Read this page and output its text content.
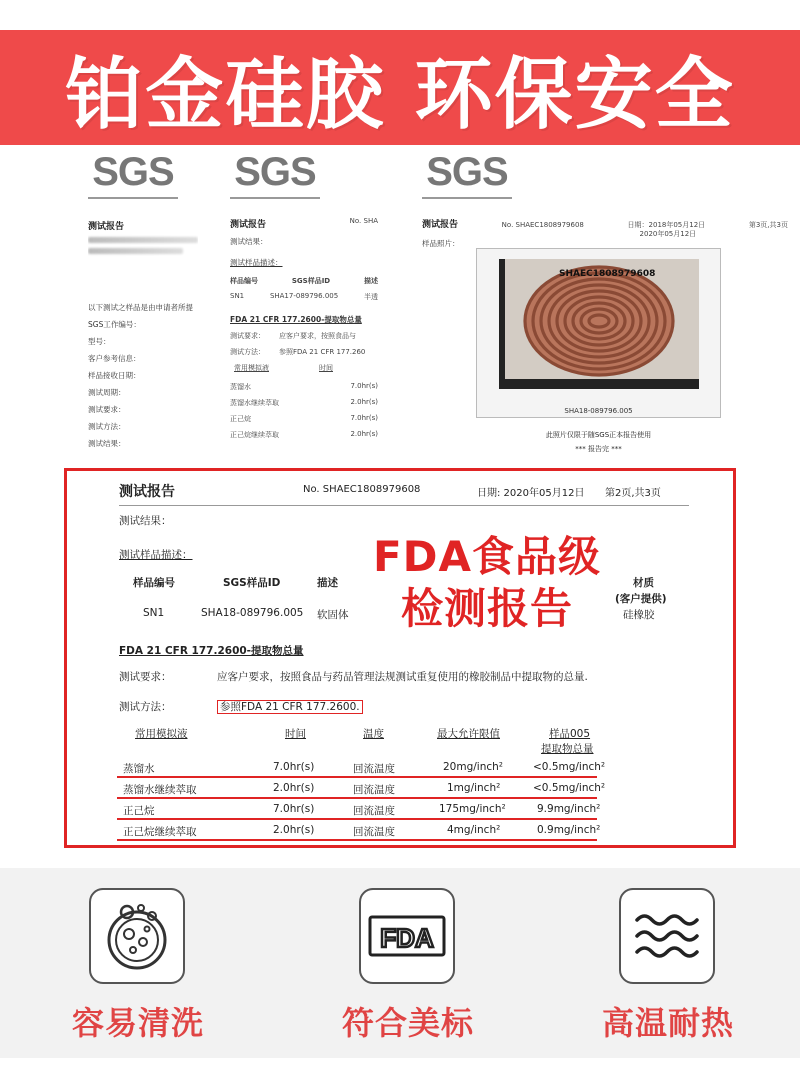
铂金硅胶 环保安全
SGS
测试报告
以下测试之样品是由申请者所提
SGS工作编号：
型号：
客户参考信息：
样品接收日期：
测试周期：
测试要求：
测试方法：
测试结果：
SGS
测试报告	No. SHA
测试结果：
测试样品描述：
样品编号	SGS样品ID	描述
SN1	SHA17-089796.005	半透
FDA 21 CFR 177.2600-提取物总量
测试要求： 应客户要求，按照食品与
测试方法： 参照FDA 21 CFR 177.260
常用模拟液	时间
蒸馏水	7.0hr(s)
蒸馏水继续萃取	2.0hr(s)
正己烷	7.0hr(s)
正己烷继续萃取	2.0hr(s)
SGS
测试报告	No. SHAEC1808979608	日期：2018年05月12日
2020年05月12日
第3页,共3页
样品照片：
SHAEC1808979608
SHA18-089796.005
此照片仅限于随SGS正本报告使用
*** 报告完 ***
测试报告	No. SHAEC1808979608	日期: 2020年05月12日 第2页,共3页
测试结果：
测试样品描述：
样品编号	SGS样品ID	描述	材质
(客户提供)
SN1	SHA18-089796.005 软固体	硅橡胶
FDA 21 CFR 177.2600-提取物总量
测试要求：	应客户要求，按照食品与药品管理法规测试重复使用的橡胶制品中提取物的总量.
测试方法：	参照FDA 21 CFR 177.2600.
常用模拟液	时间	温度	最大允许限值	样品005
提取物总量
蒸馏水	7.0hr(s)	回流温度	20mg/inch²	<0.5mg/inch²
蒸馏水继续萃取	2.0hr(s)	回流温度	1mg/inch²	<0.5mg/inch²
正己烷	7.0hr(s)	回流温度	175mg/inch²	9.9mg/inch²
正己烷继续萃取	2.0hr(s)	回流温度	4mg/inch²	0.9mg/inch²
FDA食品级
检测报告
容易清洗
FDA
符合美标	高温耐热
